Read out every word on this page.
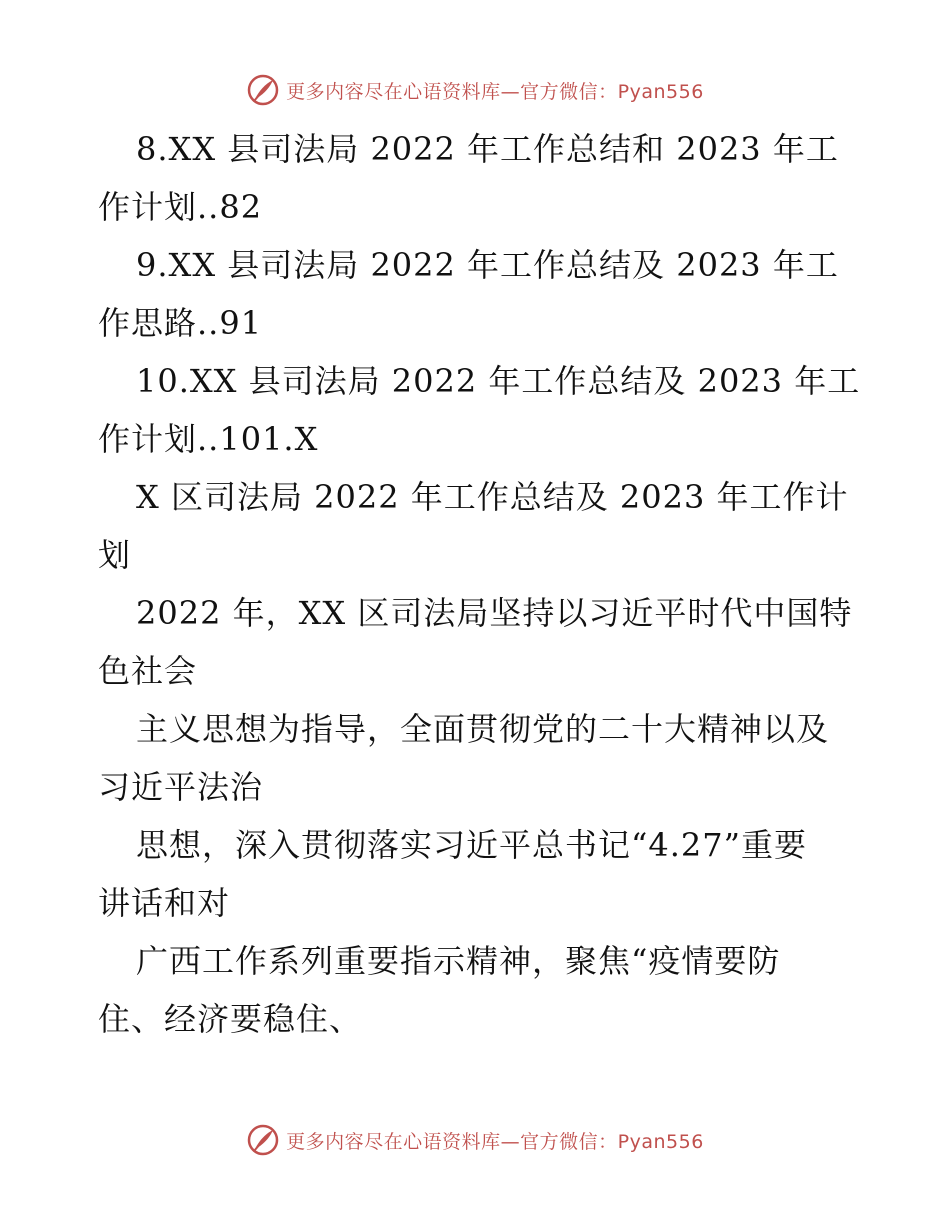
更多内容尽在心语资料库—官方微信：Pyan556
8.XX 县司法局 2022 年工作总结和 2023 年工
作计划..82
9.XX 县司法局 2022 年工作总结及 2023 年工
作思路..91
10.XX 县司法局 2022 年工作总结及 2023 年工
作计划..101.X
X 区司法局 2022 年工作总结及 2023 年工作计
划
2022 年，XX 区司法局坚持以习近平时代中国特
色社会
主义思想为指导，全面贯彻党的二十大精神以及
习近平法治
思想，深入贯彻落实习近平总书记“4.27”重要
讲话和对
广西工作系列重要指示精神，聚焦“疫情要防
住、经济要稳住、
更多内容尽在心语资料库—官方微信：Pyan556
